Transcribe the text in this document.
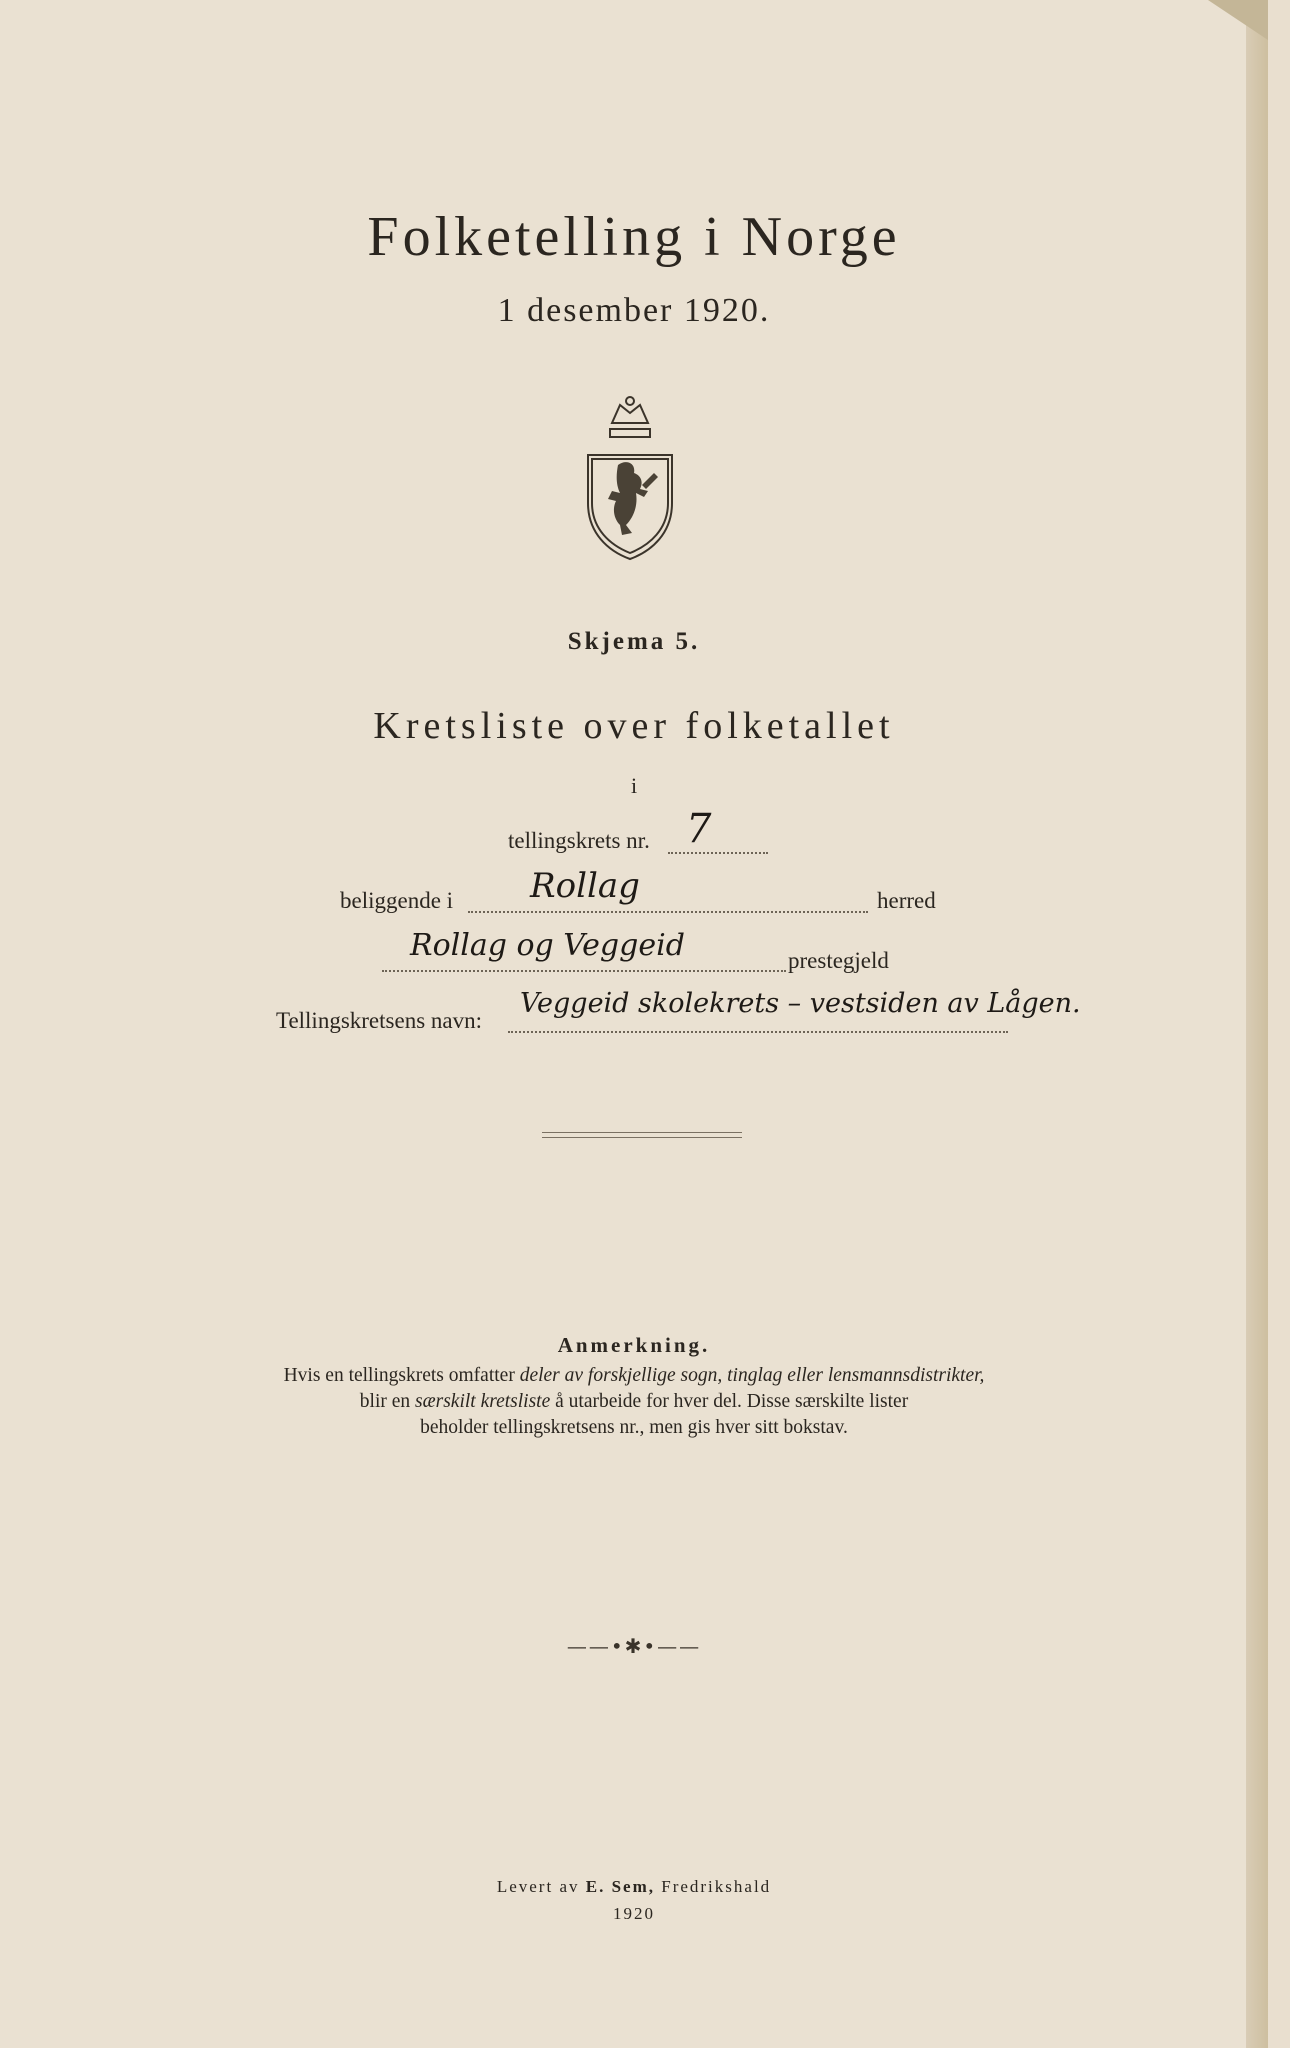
Folketelling i Norge
1 desember 1920.
Skjema 5.
Kretsliste over folketallet
i
tellingskrets nr. 7
beliggende i Rollag	herred
Rollag og Veggeid	prestegjeld
Tellingskretsens navn:
Veggeid skolekrets – vestsiden av Lågen.
Anmerkning.
Hvis en tellingskrets omfatter deler av forskjellige sogn, tinglag eller lensmannsdistrikter,
blir en særskilt kretsliste å utarbeide for hver del. Disse særskilte lister
beholder tellingskretsens nr., men gis hver sitt bokstav.
——•✱•——
Levert av E. Sem, Fredrikshald
1920
